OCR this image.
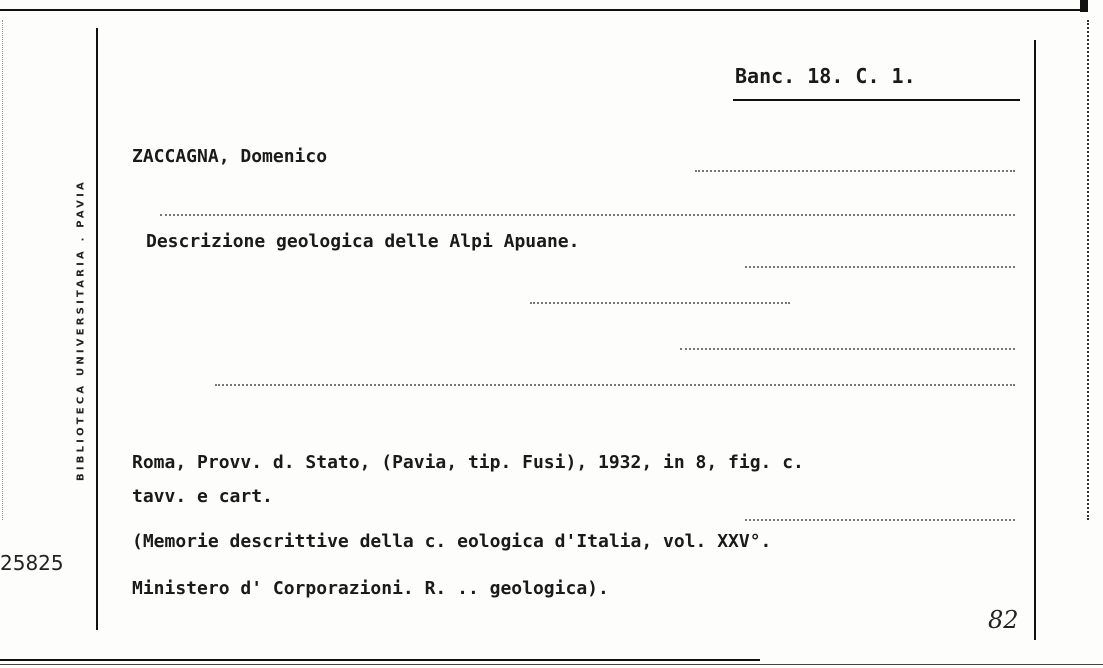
BIBLIOTECA UNIVERSITARIA . PAVIA
Banc. 18. C. 1.
ZACCAGNA, Domenico
Descrizione geologica delle Alpi Apuane.
Roma, Provv. d. Stato, (Pavia, tip. Fusi), 1932, in 8, fig. c.
tavv. e cart.
(Memorie descrittive della c. eologica d'Italia, vol. XXV°.
Ministero d' Corporazioni. R. .. geologica).
25825
82
